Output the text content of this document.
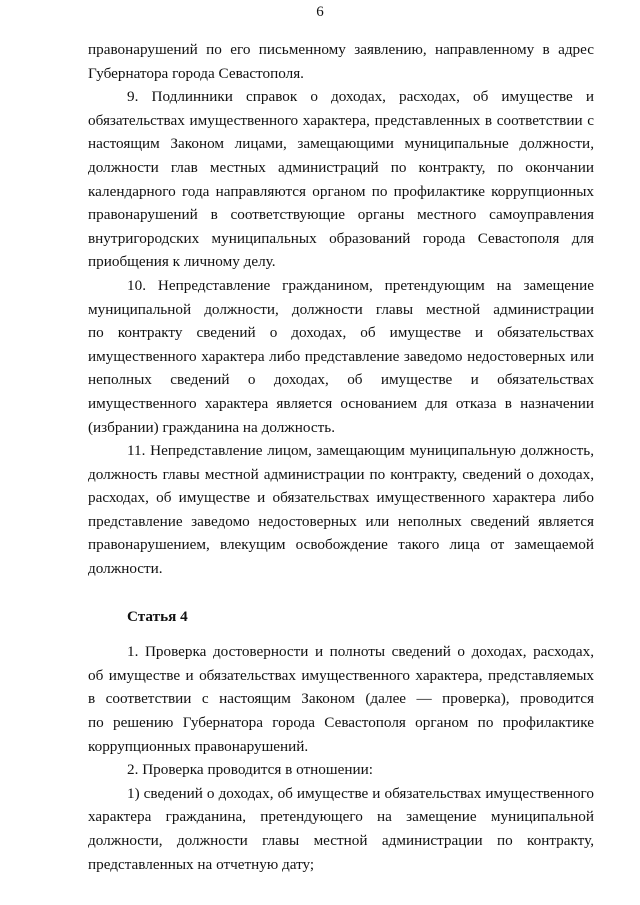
6

правонарушений по его письменному заявлению, направленному в адрес
Губернатора города Севастополя.

9. Подлинники справок о доходах, расходах, об имуществе и
обязательствах имущественного характера, представленных в соответствии с
настоящим Законом лицами, замещающими муниципальные должности,
должности глав местных администраций по контракту, по окончании
календарного года направляются органом по профилактике коррупционных
правонарушений в соответствующие органы местного самоуправления
внутригородских муниципальных образований города Севастополя для
приобщения к личному делу.

10. Непредставление гражданином, претендующим на замещение
муниципальной должности, должности главы местной администрации
по контракту сведений о доходах, об имуществе и обязательствах
имущественного характера либо представление заведомо недостоверных или
неполных сведений о доходах, об имуществе и обязательствах
имущественного характера является основанием для отказа в назначении
(избрании) гражданина на должность.

11. Непредставление лицом, замещающим муниципальную должность,
должность главы местной администрации по контракту, сведений о доходах,
расходах, об имуществе и обязательствах имущественного характера либо
представление заведомо недостоверных или неполных сведений является
правонарушением, влекущим освобождение такого лица от замещаемой
должности.

Статья 4

1. Проверка достоверности и полноты сведений о доходах, расходах,
об имуществе и обязательствах имущественного характера, представляемых
в соответствии с настоящим Законом (далее — проверка), проводится
по решению Губернатора города Севастополя органом по профилактике
коррупционных правонарушений.

2. Проверка проводится в отношении:

1) сведений о доходах, об имуществе и обязательствах имущественного
характера гражданина, претендующего на замещение муниципальной
должности, должности главы местной администрации по контракту,
представленных на отчетную дату;
